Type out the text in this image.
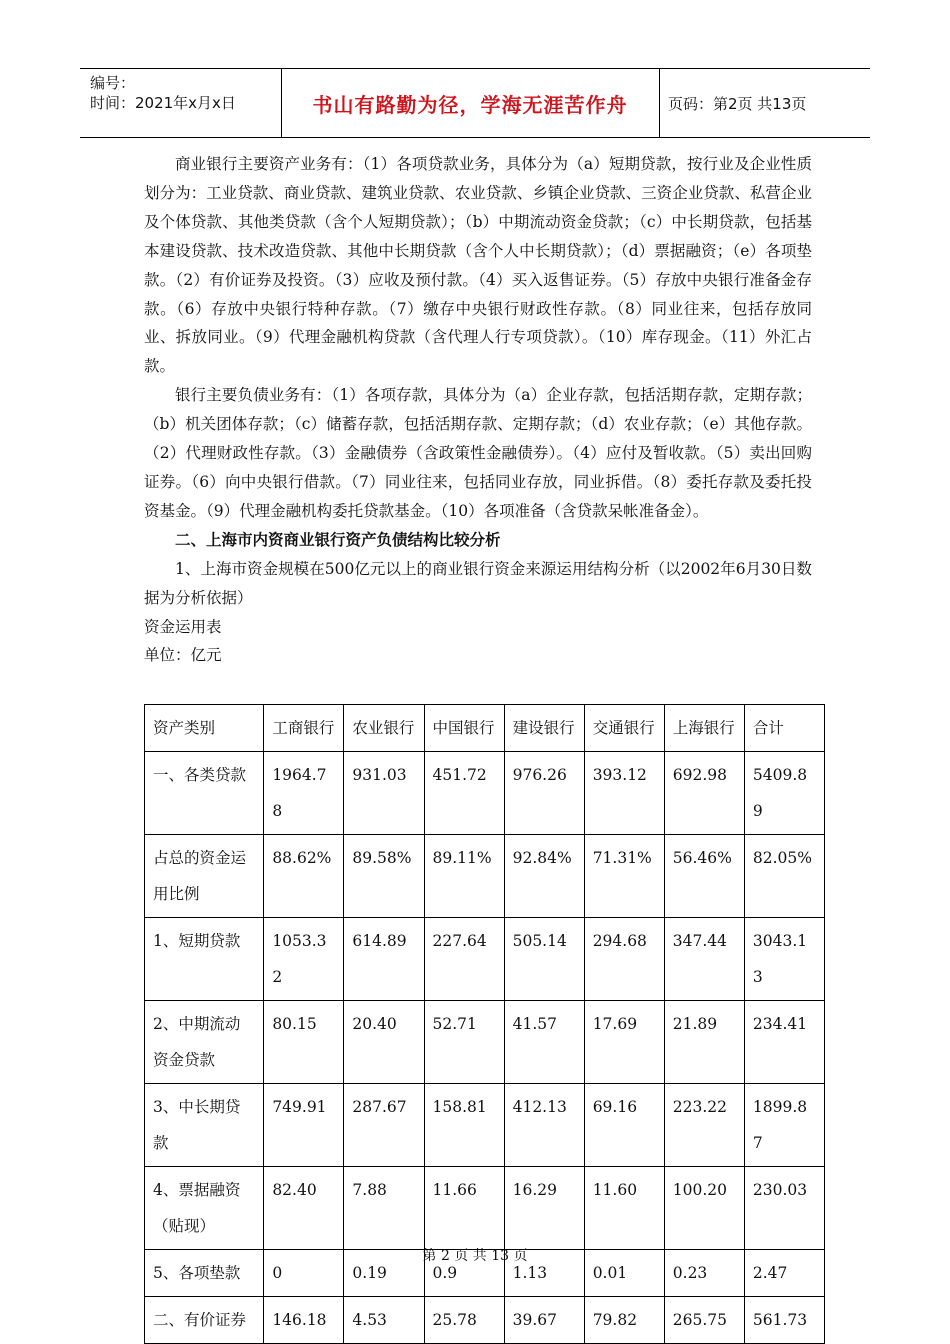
编号：
时间：2021年x月x日	书山有路勤为径，学海无涯苦作舟	页码：第2页 共13页

商业银行主要资产业务有：（1）各项贷款业务，具体分为（a）短期贷款，按行业及企业性质划分为：工业贷款、商业贷款、建筑业贷款、农业贷款、乡镇企业贷款、三资企业贷款、私营企业及个体贷款、其他类贷款（含个人短期贷款）；（b）中期流动资金贷款；（c）中长期贷款，包括基本建设贷款、技术改造贷款、其他中长期贷款（含个人中长期贷款）；（d）票据融资；（e）各项垫款。（2）有价证券及投资。（3）应收及预付款。（4）买入返售证券。（5）存放中央银行准备金存款。（6）存放中央银行特种存款。（7）缴存中央银行财政性存款。（8）同业往来，包括存放同业、拆放同业。（9）代理金融机构贷款（含代理人行专项贷款）。（10）库存现金。（11）外汇占款。

银行主要负债业务有：（1）各项存款，具体分为（a）企业存款，包括活期存款，定期存款；（b）机关团体存款；（c）储蓄存款，包括活期存款、定期存款；（d）农业存款；（e）其他存款。（2）代理财政性存款。（3）金融债券（含政策性金融债券）。（4）应付及暂收款。（5）卖出回购证券。（6）向中央银行借款。（7）同业往来，包括同业存放，同业拆借。（8）委托存款及委托投资基金。（9）代理金融机构委托贷款基金。（10）各项准备（含贷款呆帐准备金）。

二、上海市内资商业银行资产负债结构比较分析

1、上海市资金规模在500亿元以上的商业银行资金来源运用结构分析（以2002年6月30日数据为分析依据）

资金运用表

单位：亿元

资产类别	工商银行	农业银行	中国银行	建设银行	交通银行	上海银行	合计
一、各类贷款	1964.78	931.03	451.72	976.26	393.12	692.98	5409.89
占总的资金运用比例	88.62%	89.58%	89.11%	92.84%	71.31%	56.46%	82.05%
1、短期贷款	1053.32	614.89	227.64	505.14	294.68	347.44	3043.13
2、中期流动资金贷款	80.15	20.40	52.71	41.57	17.69	21.89	234.41
3、中长期贷款	749.91	287.67	158.81	412.13	69.16	223.22	1899.87
4、票据融资（贴现）	82.40	7.88	11.66	16.29	11.60	100.20	230.03
5、各项垫款	0	0.19	0.9	1.13	0.01	0.23	2.47
二、有价证券	146.18	4.53	25.78	39.67	79.82	265.75	561.73
第 2 页 共 13 页
